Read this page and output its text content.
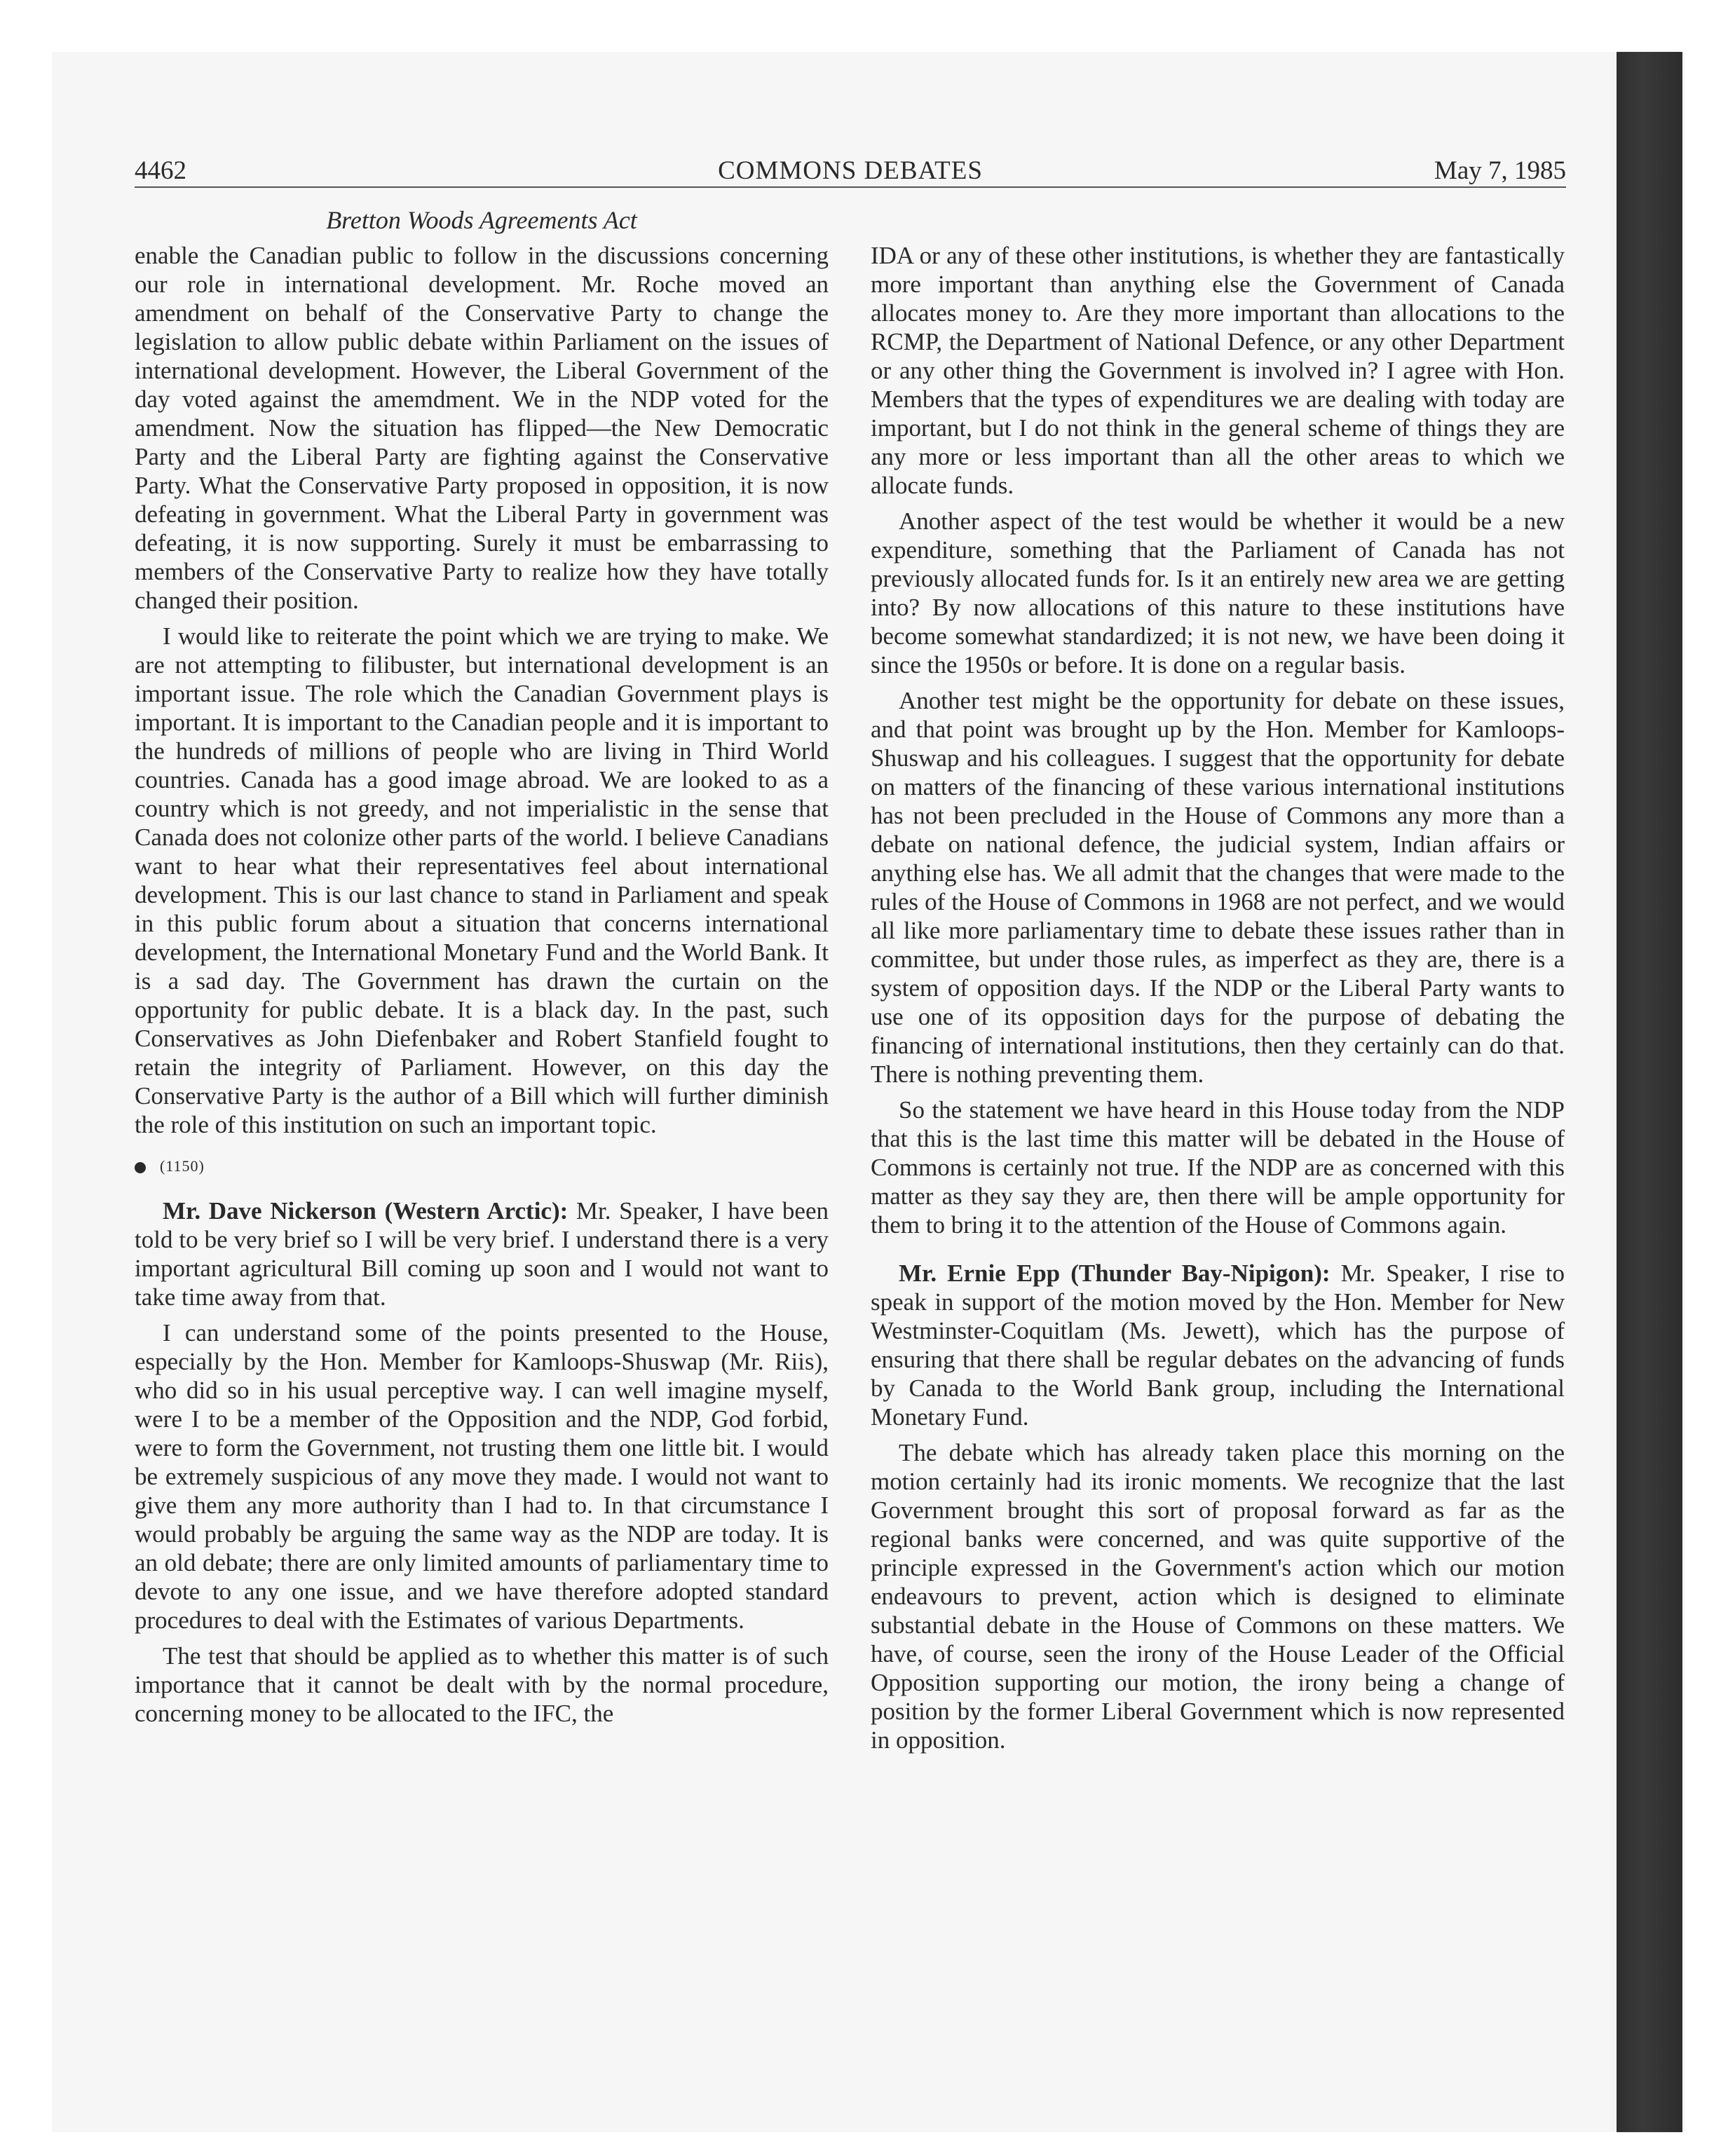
4462	COMMONS DEBATES	May 7, 1985
Bretton Woods Agreements Act

enable the Canadian public to follow in the discussions concerning our role in international development. Mr. Roche moved an amendment on behalf of the Conservative Party to change the legislation to allow public debate within Parliament on the issues of international development. However, the Liberal Government of the day voted against the amemdment. We in the NDP voted for the amendment. Now the situation has flipped—the New Democratic Party and the Liberal Party are fighting against the Conservative Party. What the Conservative Party proposed in opposition, it is now defeating in government. What the Liberal Party in government was defeating, it is now supporting. Surely it must be embarrassing to members of the Conservative Party to realize how they have totally changed their position.

I would like to reiterate the point which we are trying to make. We are not attempting to filibuster, but international development is an important issue. The role which the Canadian Government plays is important. It is important to the Canadian people and it is important to the hundreds of millions of people who are living in Third World countries. Canada has a good image abroad. We are looked to as a country which is not greedy, and not imperialistic in the sense that Canada does not colonize other parts of the world. I believe Canadians want to hear what their representatives feel about international development. This is our last chance to stand in Parliament and speak in this public forum about a situation that concerns international development, the International Monetary Fund and the World Bank. It is a sad day. The Government has drawn the curtain on the opportunity for public debate. It is a black day. In the past, such Conservatives as John Diefenbaker and Robert Stanfield fought to retain the integrity of Parliament. However, on this day the Conservative Party is the author of a Bill which will further diminish the role of this institution on such an important topic.

(1150)

Mr. Dave Nickerson (Western Arctic): Mr. Speaker, I have been told to be very brief so I will be very brief. I understand there is a very important agricultural Bill coming up soon and I would not want to take time away from that.

I can understand some of the points presented to the House, especially by the Hon. Member for Kamloops-Shuswap (Mr. Riis), who did so in his usual perceptive way. I can well imagine myself, were I to be a member of the Opposition and the NDP, God forbid, were to form the Government, not trusting them one little bit. I would be extremely suspicious of any move they made. I would not want to give them any more authority than I had to. In that circumstance I would probably be arguing the same way as the NDP are today. It is an old debate; there are only limited amounts of parliamentary time to devote to any one issue, and we have therefore adopted standard procedures to deal with the Estimates of various Departments.

The test that should be applied as to whether this matter is of such importance that it cannot be dealt with by the normal procedure, concerning money to be allocated to the IFC, the

IDA or any of these other institutions, is whether they are fantastically more important than anything else the Government of Canada allocates money to. Are they more important than allocations to the RCMP, the Department of National Defence, or any other Department or any other thing the Government is involved in? I agree with Hon. Members that the types of expenditures we are dealing with today are important, but I do not think in the general scheme of things they are any more or less important than all the other areas to which we allocate funds.

Another aspect of the test would be whether it would be a new expenditure, something that the Parliament of Canada has not previously allocated funds for. Is it an entirely new area we are getting into? By now allocations of this nature to these institutions have become somewhat standardized; it is not new, we have been doing it since the 1950s or before. It is done on a regular basis.

Another test might be the opportunity for debate on these issues, and that point was brought up by the Hon. Member for Kamloops-Shuswap and his colleagues. I suggest that the opportunity for debate on matters of the financing of these various international institutions has not been precluded in the House of Commons any more than a debate on national defence, the judicial system, Indian affairs or anything else has. We all admit that the changes that were made to the rules of the House of Commons in 1968 are not perfect, and we would all like more parliamentary time to debate these issues rather than in committee, but under those rules, as imperfect as they are, there is a system of opposition days. If the NDP or the Liberal Party wants to use one of its opposition days for the purpose of debating the financing of international institutions, then they certainly can do that. There is nothing preventing them.

So the statement we have heard in this House today from the NDP that this is the last time this matter will be debated in the House of Commons is certainly not true. If the NDP are as concerned with this matter as they say they are, then there will be ample opportunity for them to bring it to the attention of the House of Commons again.

Mr. Ernie Epp (Thunder Bay-Nipigon): Mr. Speaker, I rise to speak in support of the motion moved by the Hon. Member for New Westminster-Coquitlam (Ms. Jewett), which has the purpose of ensuring that there shall be regular debates on the advancing of funds by Canada to the World Bank group, including the International Monetary Fund.

The debate which has already taken place this morning on the motion certainly had its ironic moments. We recognize that the last Government brought this sort of proposal forward as far as the regional banks were concerned, and was quite supportive of the principle expressed in the Government's action which our motion endeavours to prevent, action which is designed to eliminate substantial debate in the House of Commons on these matters. We have, of course, seen the irony of the House Leader of the Official Opposition supporting our motion, the irony being a change of position by the former Liberal Government which is now represented in opposition.
